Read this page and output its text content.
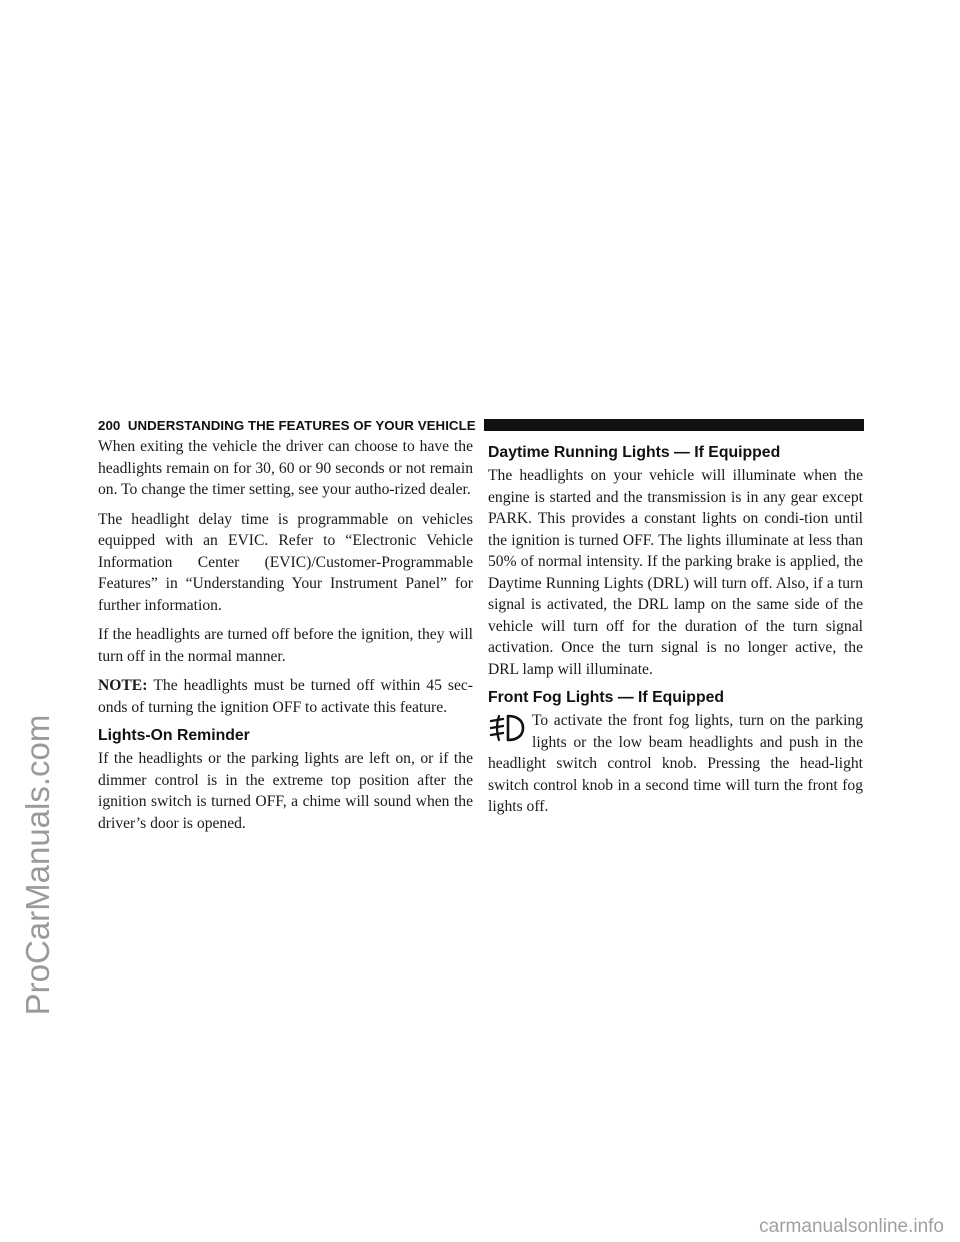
ProCarManuals.com
carmanualsonline.info
200 UNDERSTANDING THE FEATURES OF YOUR VEHICLE

When exiting the vehicle the driver can choose to have the headlights remain on for 30, 60 or 90 seconds or not remain on. To change the timer setting, see your autho-rized dealer.

The headlight delay time is programmable on vehicles equipped with an EVIC. Refer to “Electronic Vehicle Information Center (EVIC)/Customer-Programmable Features” in “Understanding Your Instrument Panel” for further information.

If the headlights are turned off before the ignition, they will turn off in the normal manner.

NOTE: The headlights must be turned off within 45 sec-onds of turning the ignition OFF to activate this feature.

Lights-On Reminder

If the headlights or the parking lights are left on, or if the dimmer control is in the extreme top position after the ignition switch is turned OFF, a chime will sound when the driver’s door is opened.

Daytime Running Lights — If Equipped

The headlights on your vehicle will illuminate when the engine is started and the transmission is in any gear except PARK. This provides a constant lights on condi-tion until the ignition is turned OFF. The lights illuminate at less than 50% of normal intensity. If the parking brake is applied, the Daytime Running Lights (DRL) will turn off. Also, if a turn signal is activated, the DRL lamp on the same side of the vehicle will turn off for the duration of the turn signal activation. Once the turn signal is no longer active, the DRL lamp will illuminate.

Front Fog Lights — If Equipped

To activate the front fog lights, turn on the parking lights or the low beam headlights and push in the headlight switch control knob. Pressing the head-light switch control knob in a second time will turn the front fog lights off.
